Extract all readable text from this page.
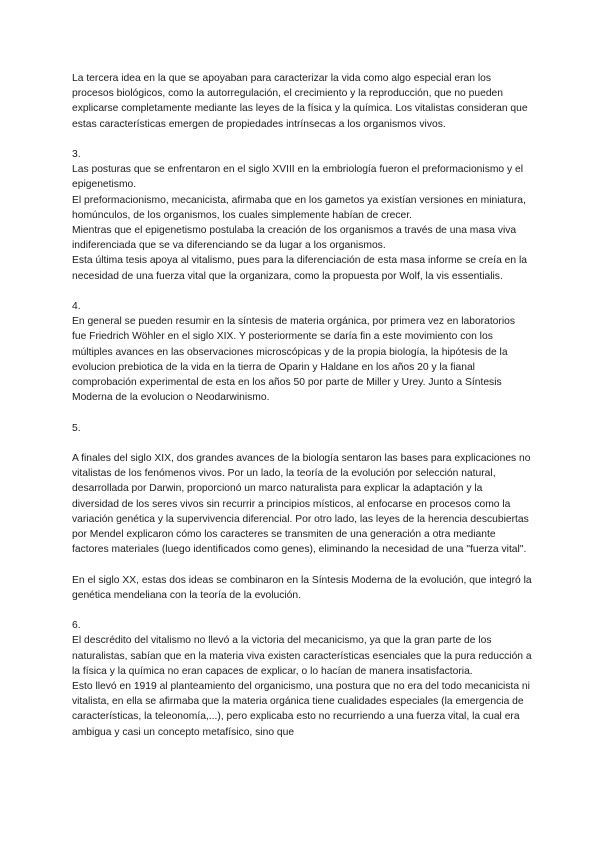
La tercera idea en la que se apoyaban para caracterizar la vida como algo especial eran los procesos biológicos, como la autorregulación, el crecimiento y la reproducción, que no pueden explicarse completamente mediante las leyes de la física y la química. Los vitalistas consideran que estas características emergen de propiedades intrínsecas a los organismos vivos.

3.

Las posturas que se enfrentaron en el siglo XVIII en la embriología fueron el preformacionismo y el epigenetismo.

El preformacionismo, mecanicista, afirmaba que en los gametos ya existían versiones en miniatura, homúnculos, de los organismos, los cuales simplemente habían de crecer.

Mientras que el epigenetismo postulaba la creación de los organismos a través de una masa viva indiferenciada que se va diferenciando se da lugar a los organismos.

Esta última tesis apoya al vitalismo, pues para la diferenciación de esta masa informe se creía en la necesidad de una fuerza vital que la organizara, como la propuesta por Wolf, la vis essentialis.

4.

En general se pueden resumir en la síntesis de materia orgánica, por primera vez en laboratorios fue Friedrich Wöhler en el siglo XIX. Y posteriormente se daría fin a este movimiento con los múltiples avances en las observaciones microscópicas y de la propia biología, la hipótesis de la evolucion prebiotica de la vida en la tierra de Oparin y Haldane en los años 20 y la fianal comprobación experimental de esta en los años 50 por parte de Miller y Urey. Junto a Síntesis Moderna de la evolucion o Neodarwinismo.

5.

A finales del siglo XIX, dos grandes avances de la biología sentaron las bases para explicaciones no vitalistas de los fenómenos vivos. Por un lado, la teoría de la evolución por selección natural, desarrollada por Darwin, proporcionó un marco naturalista para explicar la adaptación y la diversidad de los seres vivos sin recurrir a principios místicos, al enfocarse en procesos como la variación genética y la supervivencia diferencial. Por otro lado, las leyes de la herencia descubiertas por Mendel explicaron cómo los caracteres se transmiten de una generación a otra mediante factores materiales (luego identificados como genes), eliminando la necesidad de una "fuerza vital".

En el siglo XX, estas dos ideas se combinaron en la Síntesis Moderna de la evolución, que integró la genética mendeliana con la teoría de la evolución.

6.

El descrédito del vitalismo no llevó a la victoria del mecanicismo, ya que la gran parte de los naturalistas, sabían que en la materia viva existen características esenciales que la pura reducción a la física y la química no eran capaces de explicar, o lo hacían de manera insatisfactoria.

Esto llevó en 1919 al planteamiento del organicismo, una postura que no era del todo mecanicista ni vitalista, en ella se afirmaba que la materia orgánica tiene cualidades especiales (la emergencia de características, la teleonomía,...), pero explicaba esto no recurriendo a una fuerza vital, la cual era ambigua y casi un concepto metafísico, sino que
